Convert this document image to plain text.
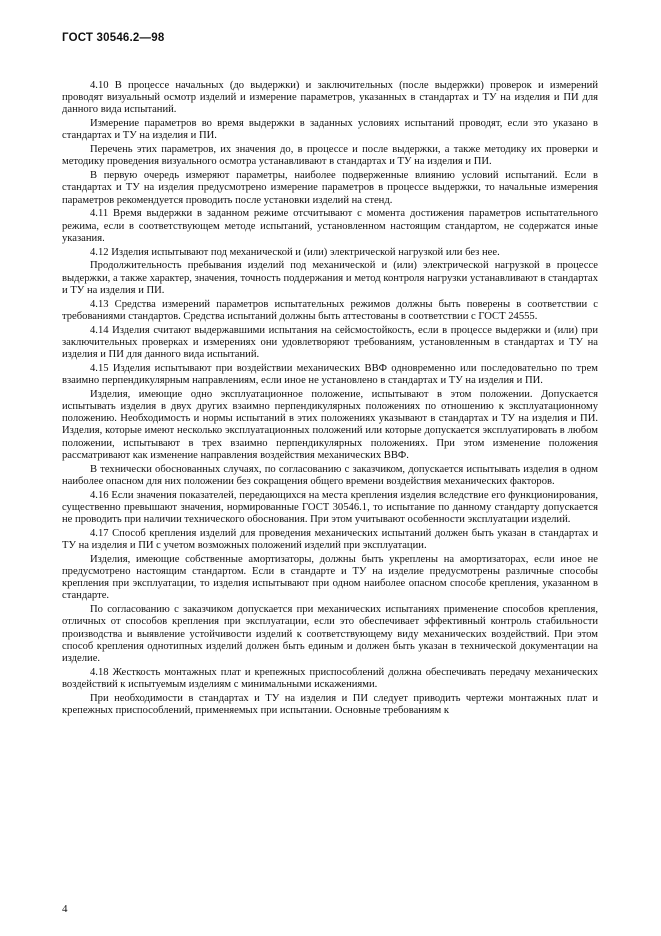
ГОСТ 30546.2—98

4.10 В процессе начальных (до выдержки) и заключительных (после выдержки) проверок и измерений проводят визуальный осмотр изделий и измерение параметров, указанных в стандартах и ТУ на изделия и ПИ для данного вида испытаний.

Измерение параметров во время выдержки в заданных условиях испытаний проводят, если это указано в стандартах и ТУ на изделия и ПИ.

Перечень этих параметров, их значения до, в процессе и после выдержки, а также методику их проверки и методику проведения визуального осмотра устанавливают в стандартах и ТУ на изделия и ПИ.

В первую очередь измеряют параметры, наиболее подверженные влиянию условий испытаний. Если в стандартах и ТУ на изделия предусмотрено измерение параметров в процессе выдержки, то начальные измерения параметров рекомендуется проводить после установки изделий на стенд.

4.11 Время выдержки в заданном режиме отсчитывают с момента достижения параметров испытательного режима, если в соответствующем методе испытаний, установленном настоящим стандартом, не содержатся иные указания.

4.12 Изделия испытывают под механической и (или) электрической нагрузкой или без нее.

Продолжительность пребывания изделий под механической и (или) электрической нагрузкой в процессе выдержки, а также характер, значения, точность поддержания и метод контроля нагрузки устанавливают в стандартах и ТУ на изделия и ПИ.

4.13 Средства измерений параметров испытательных режимов должны быть поверены в соответствии с требованиями стандартов. Средства испытаний должны быть аттестованы в соответствии с ГОСТ 24555.

4.14 Изделия считают выдержавшими испытания на сейсмостойкость, если в процессе выдержки и (или) при заключительных проверках и измерениях они удовлетворяют требованиям, установленным в стандартах и ТУ на изделия и ПИ для данного вида испытаний.

4.15 Изделия испытывают при воздействии механических ВВФ одновременно или последовательно по трем взаимно перпендикулярным направлениям, если иное не установлено в стандартах и ТУ на изделия и ПИ.

Изделия, имеющие одно эксплуатационное положение, испытывают в этом положении. Допускается испытывать изделия в двух других взаимно перпендикулярных положениях по отношению к эксплуатационному положению. Необходимость и нормы испытаний в этих положениях указывают в стандартах и ТУ на изделия и ПИ. Изделия, которые имеют несколько эксплуатационных положений или которые допускается эксплуатировать в любом положении, испытывают в трех взаимно перпендикулярных положениях. При этом изменение положения рассматривают как изменение направления воздействия механических ВВФ.

В технически обоснованных случаях, по согласованию с заказчиком, допускается испытывать изделия в одном наиболее опасном для них положении без сокращения общего времени воздействия механических факторов.

4.16 Если значения показателей, передающихся на места крепления изделия вследствие его функционирования, существенно превышают значения, нормированные ГОСТ 30546.1, то испытание по данному стандарту допускается не проводить при наличии технического обоснования. При этом учитывают особенности эксплуатации изделий.

4.17 Способ крепления изделий для проведения механических испытаний должен быть указан в стандартах и ТУ на изделия и ПИ с учетом возможных положений изделий при эксплуатации.

Изделия, имеющие собственные амортизаторы, должны быть укреплены на амортизаторах, если иное не предусмотрено настоящим стандартом. Если в стандарте и ТУ на изделие предусмотрены различные способы крепления при эксплуатации, то изделия испытывают при одном наиболее опасном способе крепления, указанном в стандарте.

По согласованию с заказчиком допускается при механических испытаниях применение способов крепления, отличных от способов крепления при эксплуатации, если это обеспечивает эффективный контроль стабильности производства и выявление устойчивости изделий к соответствующему виду механических воздействий. При этом способ крепления однотипных изделий должен быть единым и должен быть указан в технической документации на изделие.

4.18 Жесткость монтажных плат и крепежных приспособлений должна обеспечивать передачу механических воздействий к испытуемым изделиям с минимальными искажениями.

При необходимости в стандартах и ТУ на изделия и ПИ следует приводить чертежи монтажных плат и крепежных приспособлений, применяемых при испытании. Основные требованиям к

4
